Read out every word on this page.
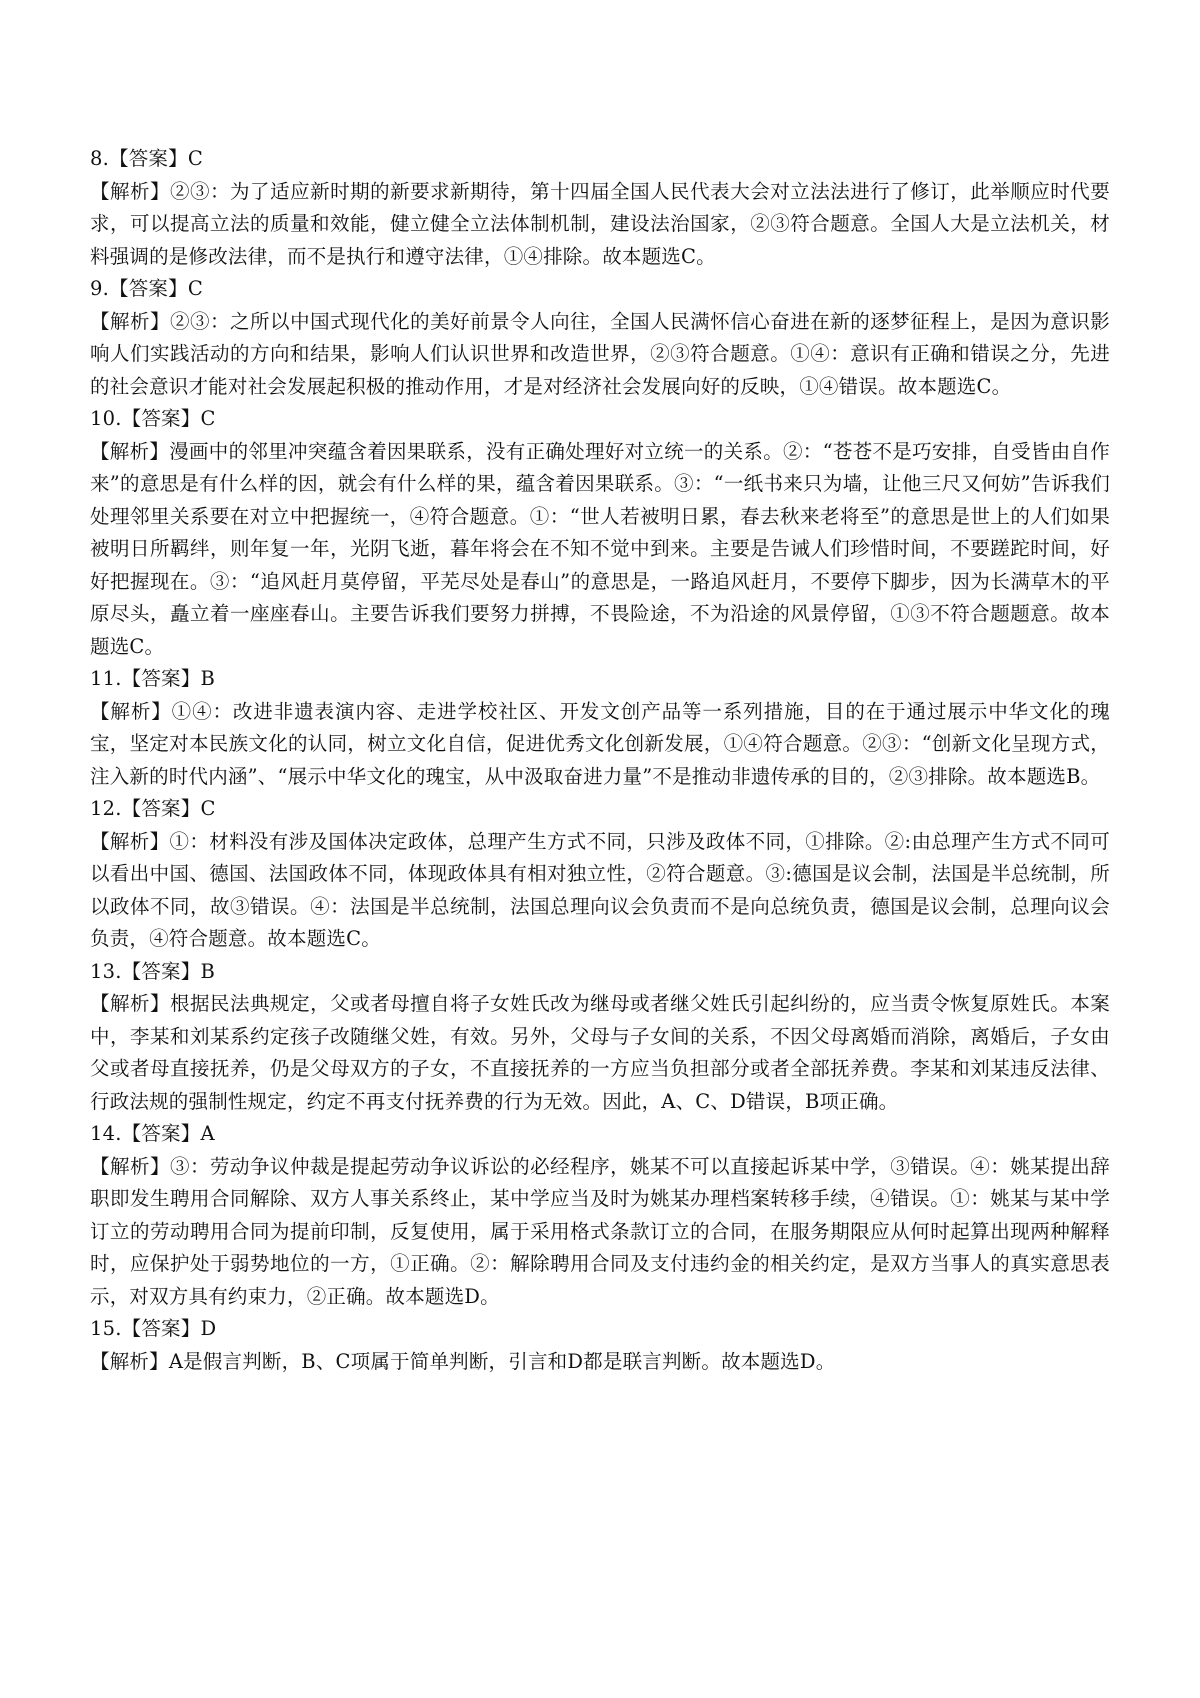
8.【答案】C

【解析】②③：为了适应新时期的新要求新期待，第十四届全国人民代表大会对立法法进行了修订，此举顺应时代要求，可以提高立法的质量和效能，健立健全立法体制机制，建设法治国家，②③符合题意。全国人大是立法机关，材料强调的是修改法律，而不是执行和遵守法律，①④排除。故本题选C。

9.【答案】C

【解析】②③：之所以中国式现代化的美好前景令人向往，全国人民满怀信心奋进在新的逐梦征程上，是因为意识影响人们实践活动的方向和结果，影响人们认识世界和改造世界，②③符合题意。①④：意识有正确和错误之分，先进的社会意识才能对社会发展起积极的推动作用，才是对经济社会发展向好的反映，①④错误。故本题选C。

10.【答案】C

【解析】漫画中的邻里冲突蕴含着因果联系，没有正确处理好对立统一的关系。②：“苍苍不是巧安排，自受皆由自作来”的意思是有什么样的因，就会有什么样的果，蕴含着因果联系。③：“一纸书来只为墙，让他三尺又何妨”告诉我们处理邻里关系要在对立中把握统一，④符合题意。①：“世人若被明日累，春去秋来老将至”的意思是世上的人们如果被明日所羁绊，则年复一年，光阴飞逝，暮年将会在不知不觉中到来。主要是告诫人们珍惜时间，不要蹉跎时间，好好把握现在。③：“追风赶月莫停留，平芜尽处是春山”的意思是，一路追风赶月，不要停下脚步，因为长满草木的平原尽头，矗立着一座座春山。主要告诉我们要努力拼搏，不畏险途，不为沿途的风景停留，①③不符合题题意。故本题选C。

11.【答案】B

【解析】①④：改进非遗表演内容、走进学校社区、开发文创产品等一系列措施，目的在于通过展示中华文化的瑰宝，坚定对本民族文化的认同，树立文化自信，促进优秀文化创新发展，①④符合题意。②③：“创新文化呈现方式，注入新的时代内涵”、“展示中华文化的瑰宝，从中汲取奋进力量”不是推动非遗传承的目的，②③排除。故本题选B。

12.【答案】C

【解析】①：材料没有涉及国体决定政体，总理产生方式不同，只涉及政体不同，①排除。②:由总理产生方式不同可以看出中国、德国、法国政体不同，体现政体具有相对独立性，②符合题意。③:德国是议会制，法国是半总统制，所以政体不同，故③错误。④：法国是半总统制，法国总理向议会负责而不是向总统负责，德国是议会制，总理向议会负责，④符合题意。故本题选C。

13.【答案】B

【解析】根据民法典规定，父或者母擅自将子女姓氏改为继母或者继父姓氏引起纠纷的，应当责令恢复原姓氏。本案中，李某和刘某系约定孩子改随继父姓，有效。另外，父母与子女间的关系，不因父母离婚而消除，离婚后，子女由父或者母直接抚养，仍是父母双方的子女，不直接抚养的一方应当负担部分或者全部抚养费。李某和刘某违反法律、行政法规的强制性规定，约定不再支付抚养费的行为无效。因此，A、C、D错误，B项正确。

14.【答案】A

【解析】③：劳动争议仲裁是提起劳动争议诉讼的必经程序，姚某不可以直接起诉某中学，③错误。④：姚某提出辞职即发生聘用合同解除、双方人事关系终止，某中学应当及时为姚某办理档案转移手续，④错误。①：姚某与某中学订立的劳动聘用合同为提前印制，反复使用，属于采用格式条款订立的合同，在服务期限应从何时起算出现两种解释时，应保护处于弱势地位的一方，①正确。②：解除聘用合同及支付违约金的相关约定，是双方当事人的真实意思表示，对双方具有约束力，②正确。故本题选D。

15.【答案】D

【解析】A是假言判断，B、C项属于简单判断，引言和D都是联言判断。故本题选D。
